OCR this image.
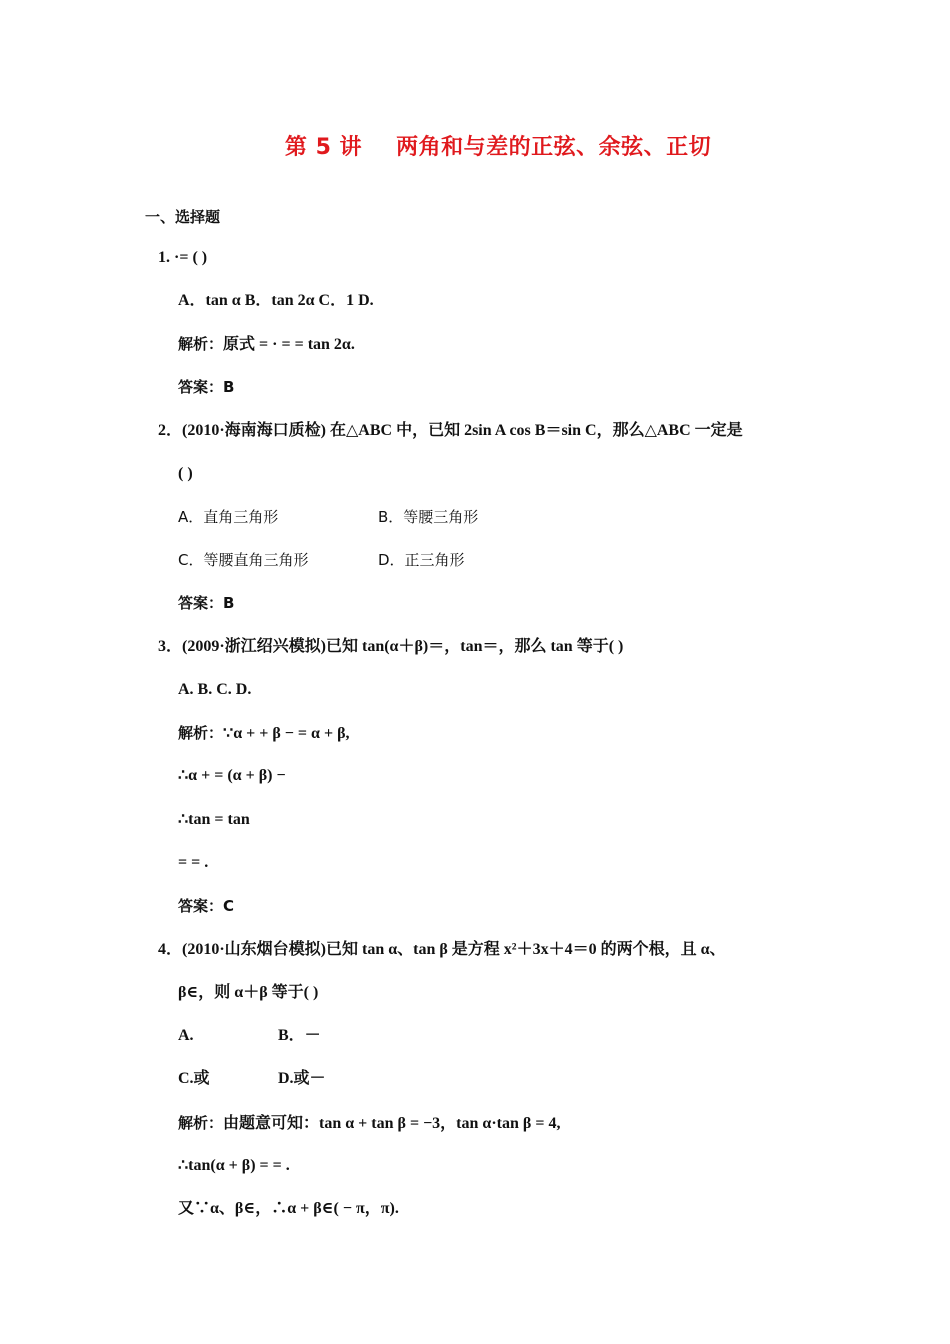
第 5 讲 两角和与差的正弦、余弦、正切
一、选择题
1. ·= ( )
A．tan α B．tan 2α C．1 D.
解析：原式 = · = = tan 2α.
答案：B
2．(2010·海南海口质检) 在△ABC 中，已知 2sin A cos B＝sin C，那么△ABC 一定是
( )
A．直角三角形	B．等腰三角形
C．等腰直角三角形	D．正三角形
答案：B
3．(2009·浙江绍兴模拟)已知 tan(α＋β)＝，tan＝，那么 tan 等于( )
A. B. C. D.
解析：∵α + + β − = α + β,
∴α + = (α + β) −
∴tan = tan
= = .
答案：C
4．(2010·山东烟台模拟)已知 tan α、tan β 是方程 x²＋3x＋4＝0 的两个根，且 α、
β∈，则 α＋β 等于( )
A.	B．－
C.或	D.或－
解析：由题意可知：tan α + tan β = −3，tan α·tan β = 4,
∴tan(α + β) = = .
又∵α、β∈，∴α + β∈( − π，π).
